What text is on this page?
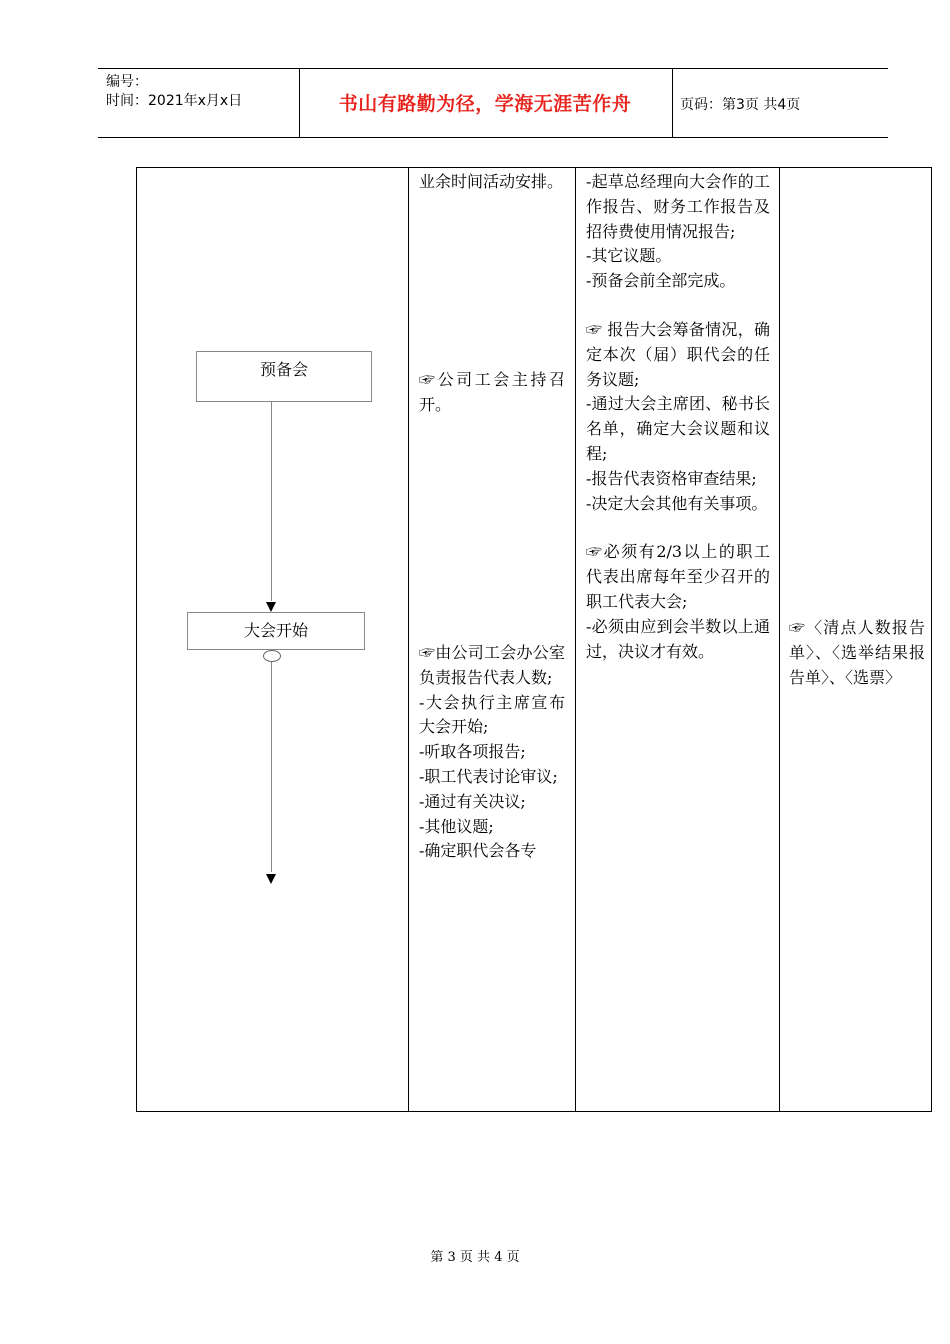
编号：
时间：2021年x月x日	书山有路勤为径，学海无涯苦作舟	页码：第3页 共4页
预备会
大会开始

业余时间活动安排。

☞公司工会主持召开。

☞由公司工会办公室负责报告代表人数;

-大会执行主席宣布大会开始;

-听取各项报告;

-职工代表讨论审议;

-通过有关决议;

-其他议题;

-确定职代会各专

-起草总经理向大会作的工作报告、财务工作报告及招待费使用情况报告;

-其它议题。

-预备会前全部完成。

☞ 报告大会筹备情况，确定本次（届）职代会的任务议题;

-通过大会主席团、秘书长名单，确定大会议题和议程;

-报告代表资格审查结果;

-决定大会其他有关事项。

☞必须有2/3以上的职工代表出席每年至少召开的职工代表大会;

-必须由应到会半数以上通过，决议才有效。

☞〈清点人数报告单〉、〈选举结果报告单〉、〈选票〉

第 3 页 共 4 页
